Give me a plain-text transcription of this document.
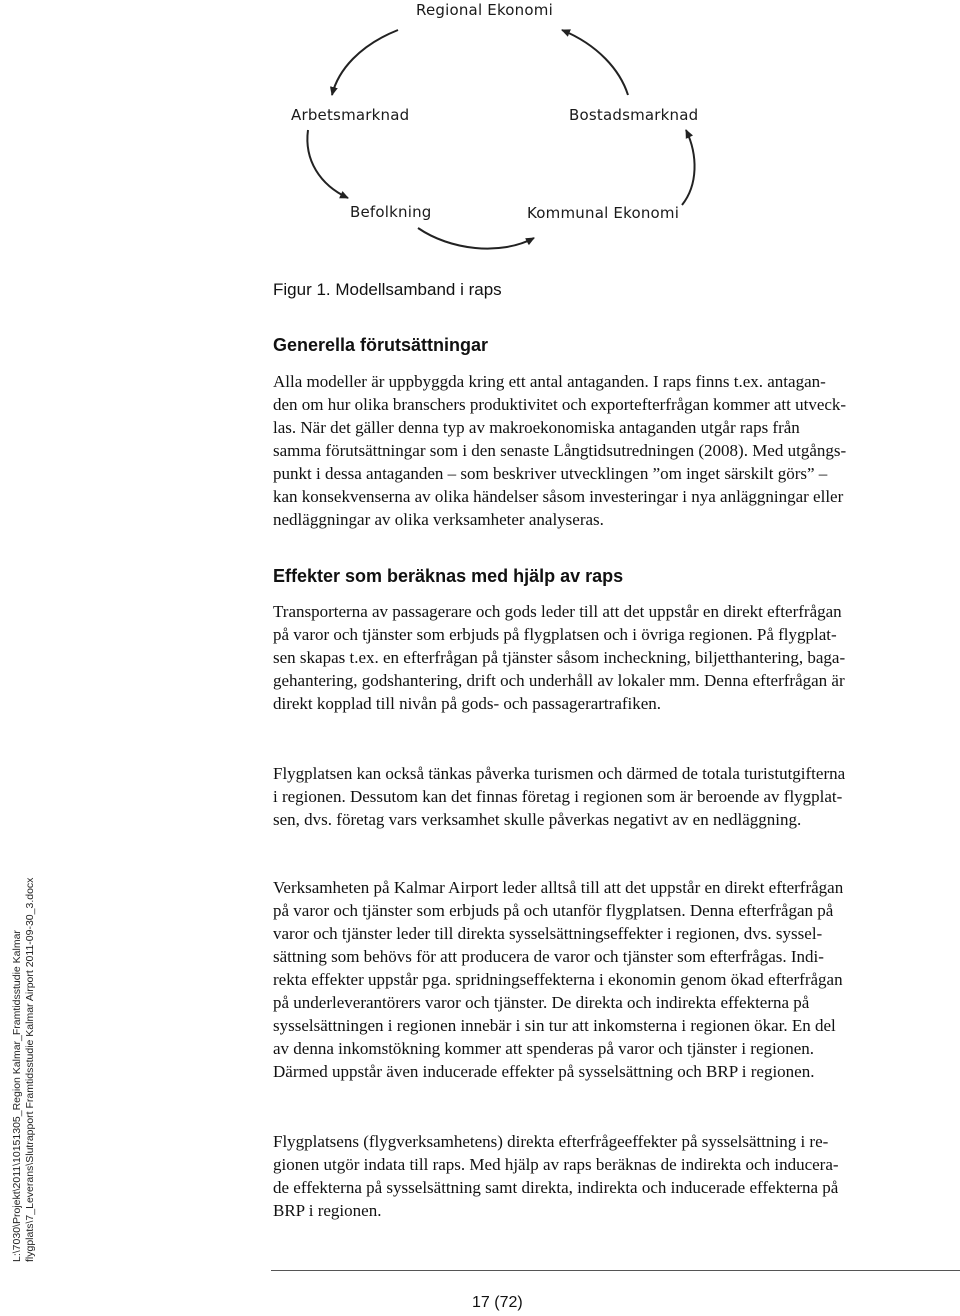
Regional Ekonomi
Arbetsmarknad	Bostadsmarknad
Befolkning	Kommunal Ekonomi
Figur 1. Modellsamband i raps
Generella förutsättningar

Alla modeller är uppbyggda kring ett antal antaganden. I raps finns t.ex. antagan-
den om hur olika branschers produktivitet och exportefterfrågan kommer att utveck-
las. När det gäller denna typ av makroekonomiska antaganden utgår raps från
samma förutsättningar som i den senaste Långtidsutredningen (2008). Med utgångs-
punkt i dessa antaganden – som beskriver utvecklingen ”om inget särskilt görs” –
kan konsekvenserna av olika händelser såsom investeringar i nya anläggningar eller
nedläggningar av olika verksamheter analyseras.

Effekter som beräknas med hjälp av raps

Transporterna av passagerare och gods leder till att det uppstår en direkt efterfrågan
på varor och tjänster som erbjuds på flygplatsen och i övriga regionen. På flygplat-
sen skapas t.ex. en efterfrågan på tjänster såsom incheckning, biljetthantering, baga-
gehantering, godshantering, drift och underhåll av lokaler mm. Denna efterfrågan är
direkt kopplad till nivån på gods- och passagerartrafiken.

Flygplatsen kan också tänkas påverka turismen och därmed de totala turistutgifterna
i regionen. Dessutom kan det finnas företag i regionen som är beroende av flygplat-
sen, dvs. företag vars verksamhet skulle påverkas negativt av en nedläggning.

Verksamheten på Kalmar Airport leder alltså till att det uppstår en direkt efterfrågan
på varor och tjänster som erbjuds på och utanför flygplatsen. Denna efterfrågan på
varor och tjänster leder till direkta sysselsättningseffekter i regionen, dvs. syssel-
sättning som behövs för att producera de varor och tjänster som efterfrågas. Indi-
rekta effekter uppstår pga. spridningseffekterna i ekonomin genom ökad efterfrågan
på underleverantörers varor och tjänster. De direkta och indirekta effekterna på
sysselsättningen i regionen innebär i sin tur att inkomsterna i regionen ökar. En del
av denna inkomstökning kommer att spenderas på varor och tjänster i regionen.
Därmed uppstår även inducerade effekter på sysselsättning och BRP i regionen.

Flygplatsens (flygverksamhetens) direkta efterfrågeeffekter på sysselsättning i re-
gionen utgör indata till raps. Med hjälp av raps beräknas de indirekta och inducera-
de effekterna på sysselsättning samt direkta, indirekta och inducerade effekterna på
BRP i regionen.

L:\7030\Projekt\2011\10151305_Region Kalmar_Framtidsstudie Kalmar flygplats\7_Leverans\Slutrapport Framtidsstudie Kalmar Airport 2011-09-30_3.docx
17 (72)
